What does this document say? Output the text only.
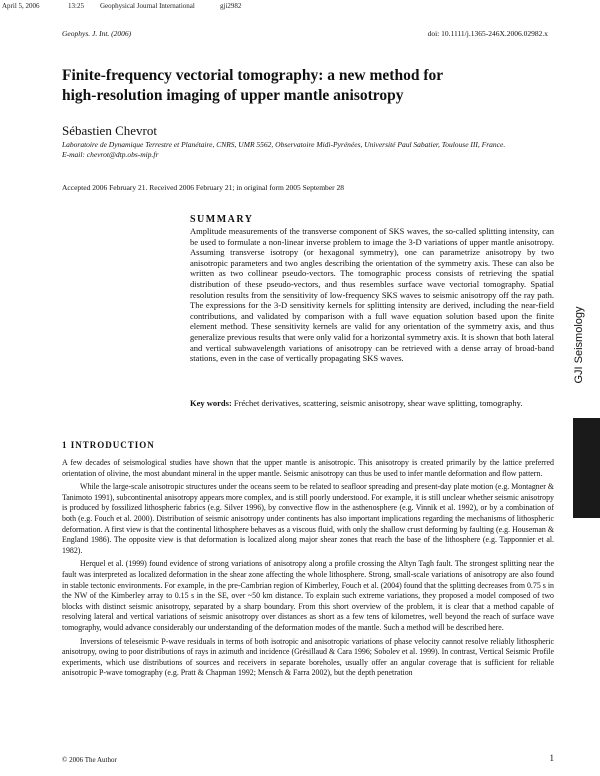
April 5, 2006	13:25 Geophysical Journal International	gji2982
Geophys. J. Int. (2006)	doi: 10.1111/j.1365-246X.2006.02982.x
Finite-frequency vectorial tomography: a new method for
high-resolution imaging of upper mantle anisotropy
Sébastien Chevrot
Laboratoire de Dynamique Terrestre et Planétaire, CNRS, UMR 5562, Observatoire Midi-Pyrénées, Université Paul Sabatier, Toulouse III, France.
E-mail: chevrot@dtp.obs-mip.fr
Accepted 2006 February 21. Received 2006 February 21; in original form 2005 September 28
SUMMARY
Amplitude measurements of the transverse component of SKS waves, the so-called splitting intensity, can be used to formulate a non-linear inverse problem to image the 3-D variations of upper mantle anisotropy. Assuming transverse isotropy (or hexagonal symmetry), one can parametrize anisotropy by two anisotropic parameters and two angles describing the orientation of the symmetry axis. These can also be written as two collinear pseudo-vectors. The tomographic process consists of retrieving the spatial distribution of these pseudo-vectors, and thus resembles surface wave vectorial tomography. Spatial resolution results from the sensitivity of low-frequency SKS waves to seismic anisotropy off the ray path. The expressions for the 3-D sensitivity kernels for splitting intensity are derived, including the near-field contributions, and validated by comparison with a full wave equation solution based upon the finite element method. These sensitivity kernels are valid for any orientation of the symmetry axis, and thus generalize previous results that were only valid for a horizontal symmetry axis. It is shown that both lateral and vertical subwavelength variations of anisotropy can be retrieved with a dense array of broad-band stations, even in the case of vertically propagating SKS waves.
Key words: Fréchet derivatives, scattering, seismic anisotropy, shear wave splitting, tomography.
1 INTRODUCTION

A few decades of seismological studies have shown that the upper mantle is anisotropic. This anisotropy is created primarily by the lattice preferred orientation of olivine, the most abundant mineral in the upper mantle. Seismic anisotropy can thus be used to infer mantle deformation and flow pattern.

While the large-scale anisotropic structures under the oceans seem to be related to seafloor spreading and present-day plate motion (e.g. Montagner & Tanimoto 1991), subcontinental anisotropy appears more complex, and is still poorly understood. For example, it is still unclear whether seismic anisotropy is produced by fossilized lithospheric fabrics (e.g. Silver 1996), by convective flow in the asthenosphere (e.g. Vinnik et al. 1992), or by a combination of both (e.g. Fouch et al. 2000). Distribution of seismic anisotropy under continents has also important implications regarding the mechanisms of lithospheric deformation. A first view is that the continental lithosphere behaves as a viscous fluid, with only the shallow crust deforming by faulting (e.g. Houseman & England 1986). The opposite view is that deformation is localized along major shear zones that reach the base of the lithosphere (e.g. Tapponnier et al. 1982).

Herquel et al. (1999) found evidence of strong variations of anisotropy along a profile crossing the Altyn Tagh fault. The strongest splitting near the fault was interpreted as localized deformation in the shear zone affecting the whole lithosphere. Strong, small-scale variations of anisotropy are also found in stable tectonic environments. For example, in the pre-Cambrian region of Kimberley, Fouch et al. (2004) found that the splitting decreases from 0.75 s in the NW of the Kimberley array to 0.15 s in the SE, over ~50 km distance. To explain such extreme variations, they proposed a model composed of two blocks with distinct seismic anisotropy, separated by a sharp boundary. From this short overview of the problem, it is clear that a method capable of resolving lateral and vertical variations of seismic anisotropy over distances as short as a few tens of kilometres, well beyond the reach of surface wave tomography, would advance considerably our understanding of the deformation modes of the mantle. Such a method will be described here.

Inversions of teleseismic P-wave residuals in terms of both isotropic and anisotropic variations of phase velocity cannot resolve reliably lithospheric anisotropy, owing to poor distributions of rays in azimuth and incidence (Grésillaud & Cara 1996; Sobolev et al. 1999). In contrast, Vertical Seismic Profile experiments, which use distributions of sources and receivers in separate boreholes, usually offer an angular coverage that is sufficient for reliable anisotropic P-wave tomography (e.g. Pratt & Chapman 1992; Mensch & Farra 2002), but the depth penetration

© 2006 The Author	1
GJI Seismology
